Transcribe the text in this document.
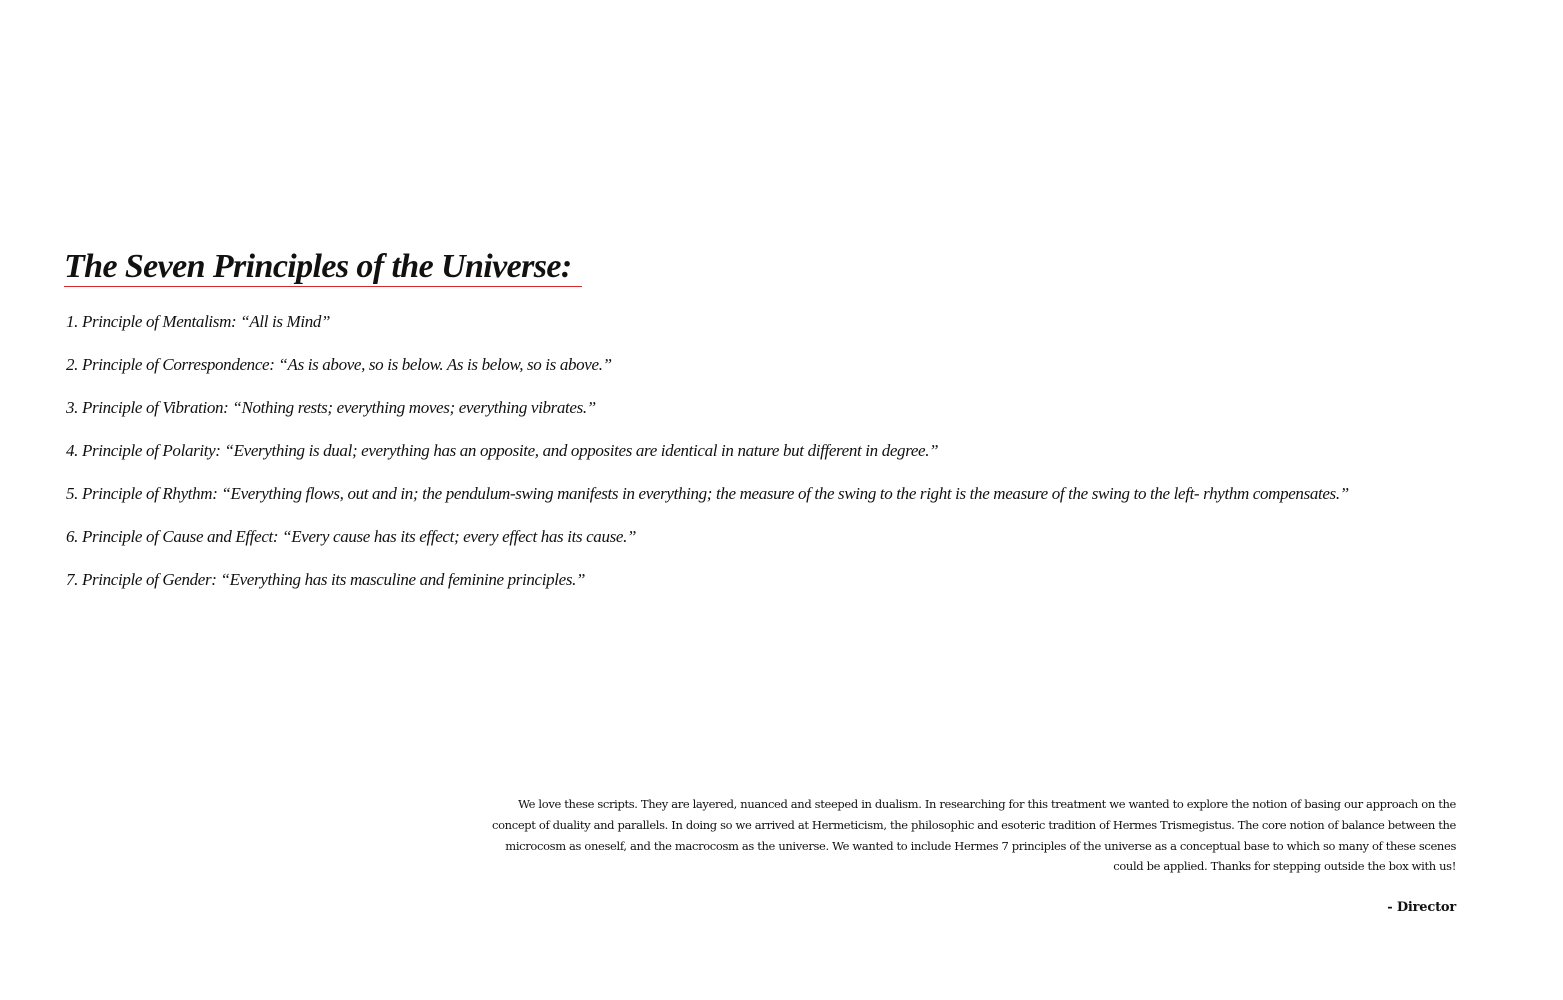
The Seven Principles of the Universe:
1. Principle of Mentalism: “All is Mind”
2. Principle of Correspondence: “As is above, so is below. As is below, so is above.”
3. Principle of Vibration: “Nothing rests; everything moves; everything vibrates.”
4. Principle of Polarity: “Everything is dual; everything has an opposite, and opposites are identical in nature but different in degree.”
5. Principle of Rhythm: “Everything flows, out and in; the pendulum-swing manifests in everything; the measure of the swing to the right is the measure of the swing to the left- rhythm compensates.”
6. Principle of Cause and Effect: “Every cause has its effect; every effect has its cause.”
7. Principle of Gender: “Everything has its masculine and feminine principles.”

We love these scripts. They are layered, nuanced and steeped in dualism. In researching for this treatment we wanted to explore the notion of basing our approach on the
concept of duality and parallels. In doing so we arrived at Hermeticism, the philosophic and esoteric tradition of Hermes Trismegistus. The core notion of balance between the
microcosm as oneself, and the macrocosm as the universe. We wanted to include Hermes 7 principles of the universe as a conceptual base to which so many of these scenes
could be applied. Thanks for stepping outside the box with us!

- Director
